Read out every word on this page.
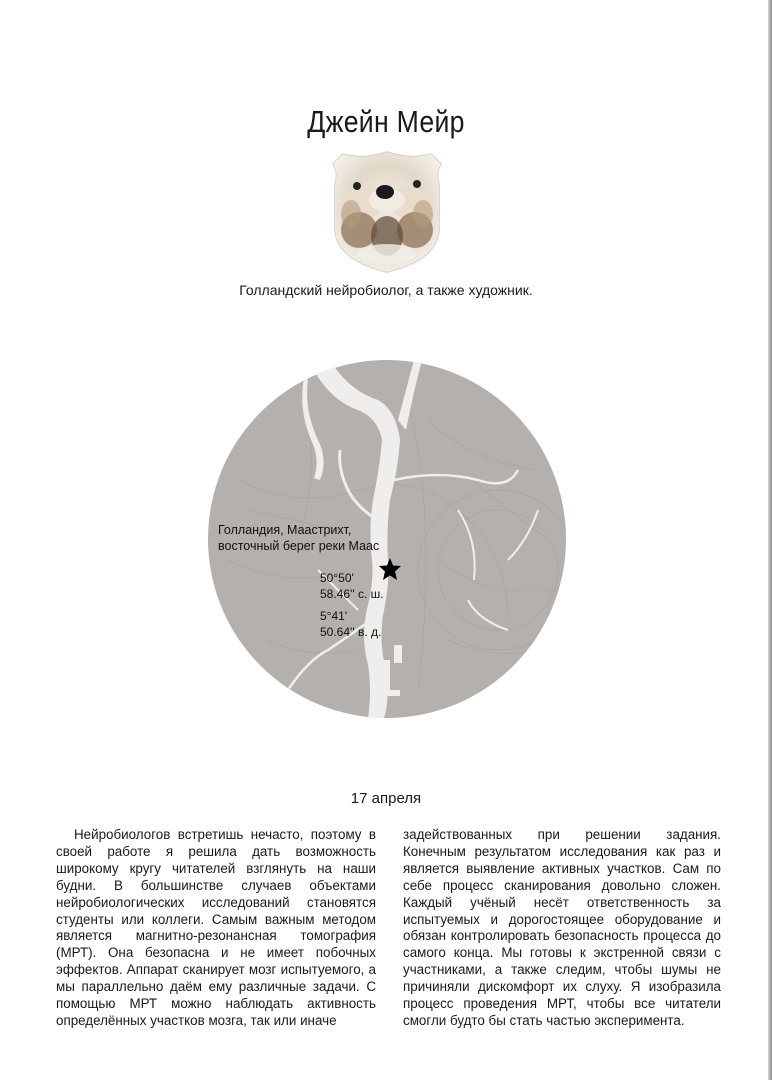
Джейн Мейр
Голландский нейробиолог, а также художник.
Голландия, Маастрихт,
восточный берег реки Маас
50°50'
58.46'' с. ш.
5°41'
50.64'' в. д.
17 апреля
Нейробиологов встретишь нечасто, поэтому в своей работе я решила дать возможность широкому кругу читателей взглянуть на наши будни. В большинстве случаев объектами нейробиологических исследований становятся студенты или коллеги. Самым важным методом является магнитно-резонансная томография (МРТ). Она безопасна и не имеет побочных эффектов. Аппарат сканирует мозг испытуемого, а мы параллельно даём ему различные задачи. С помощью МРТ можно наблюдать активность определённых участков мозга, так или иначе
задействованных при решении задания. Конечным результатом исследования как раз и является выявление активных участков. Сам по себе процесс сканирования довольно сложен. Каждый учёный несёт ответственность за испытуемых и дорогостоящее оборудование и обязан контролировать безопасность процесса до самого конца. Мы готовы к экстренной связи с участниками, а также следим, чтобы шумы не причиняли дискомфорт их слуху. Я изобразила процесс проведения МРТ, чтобы все читатели смогли будто бы стать частью эксперимента.
